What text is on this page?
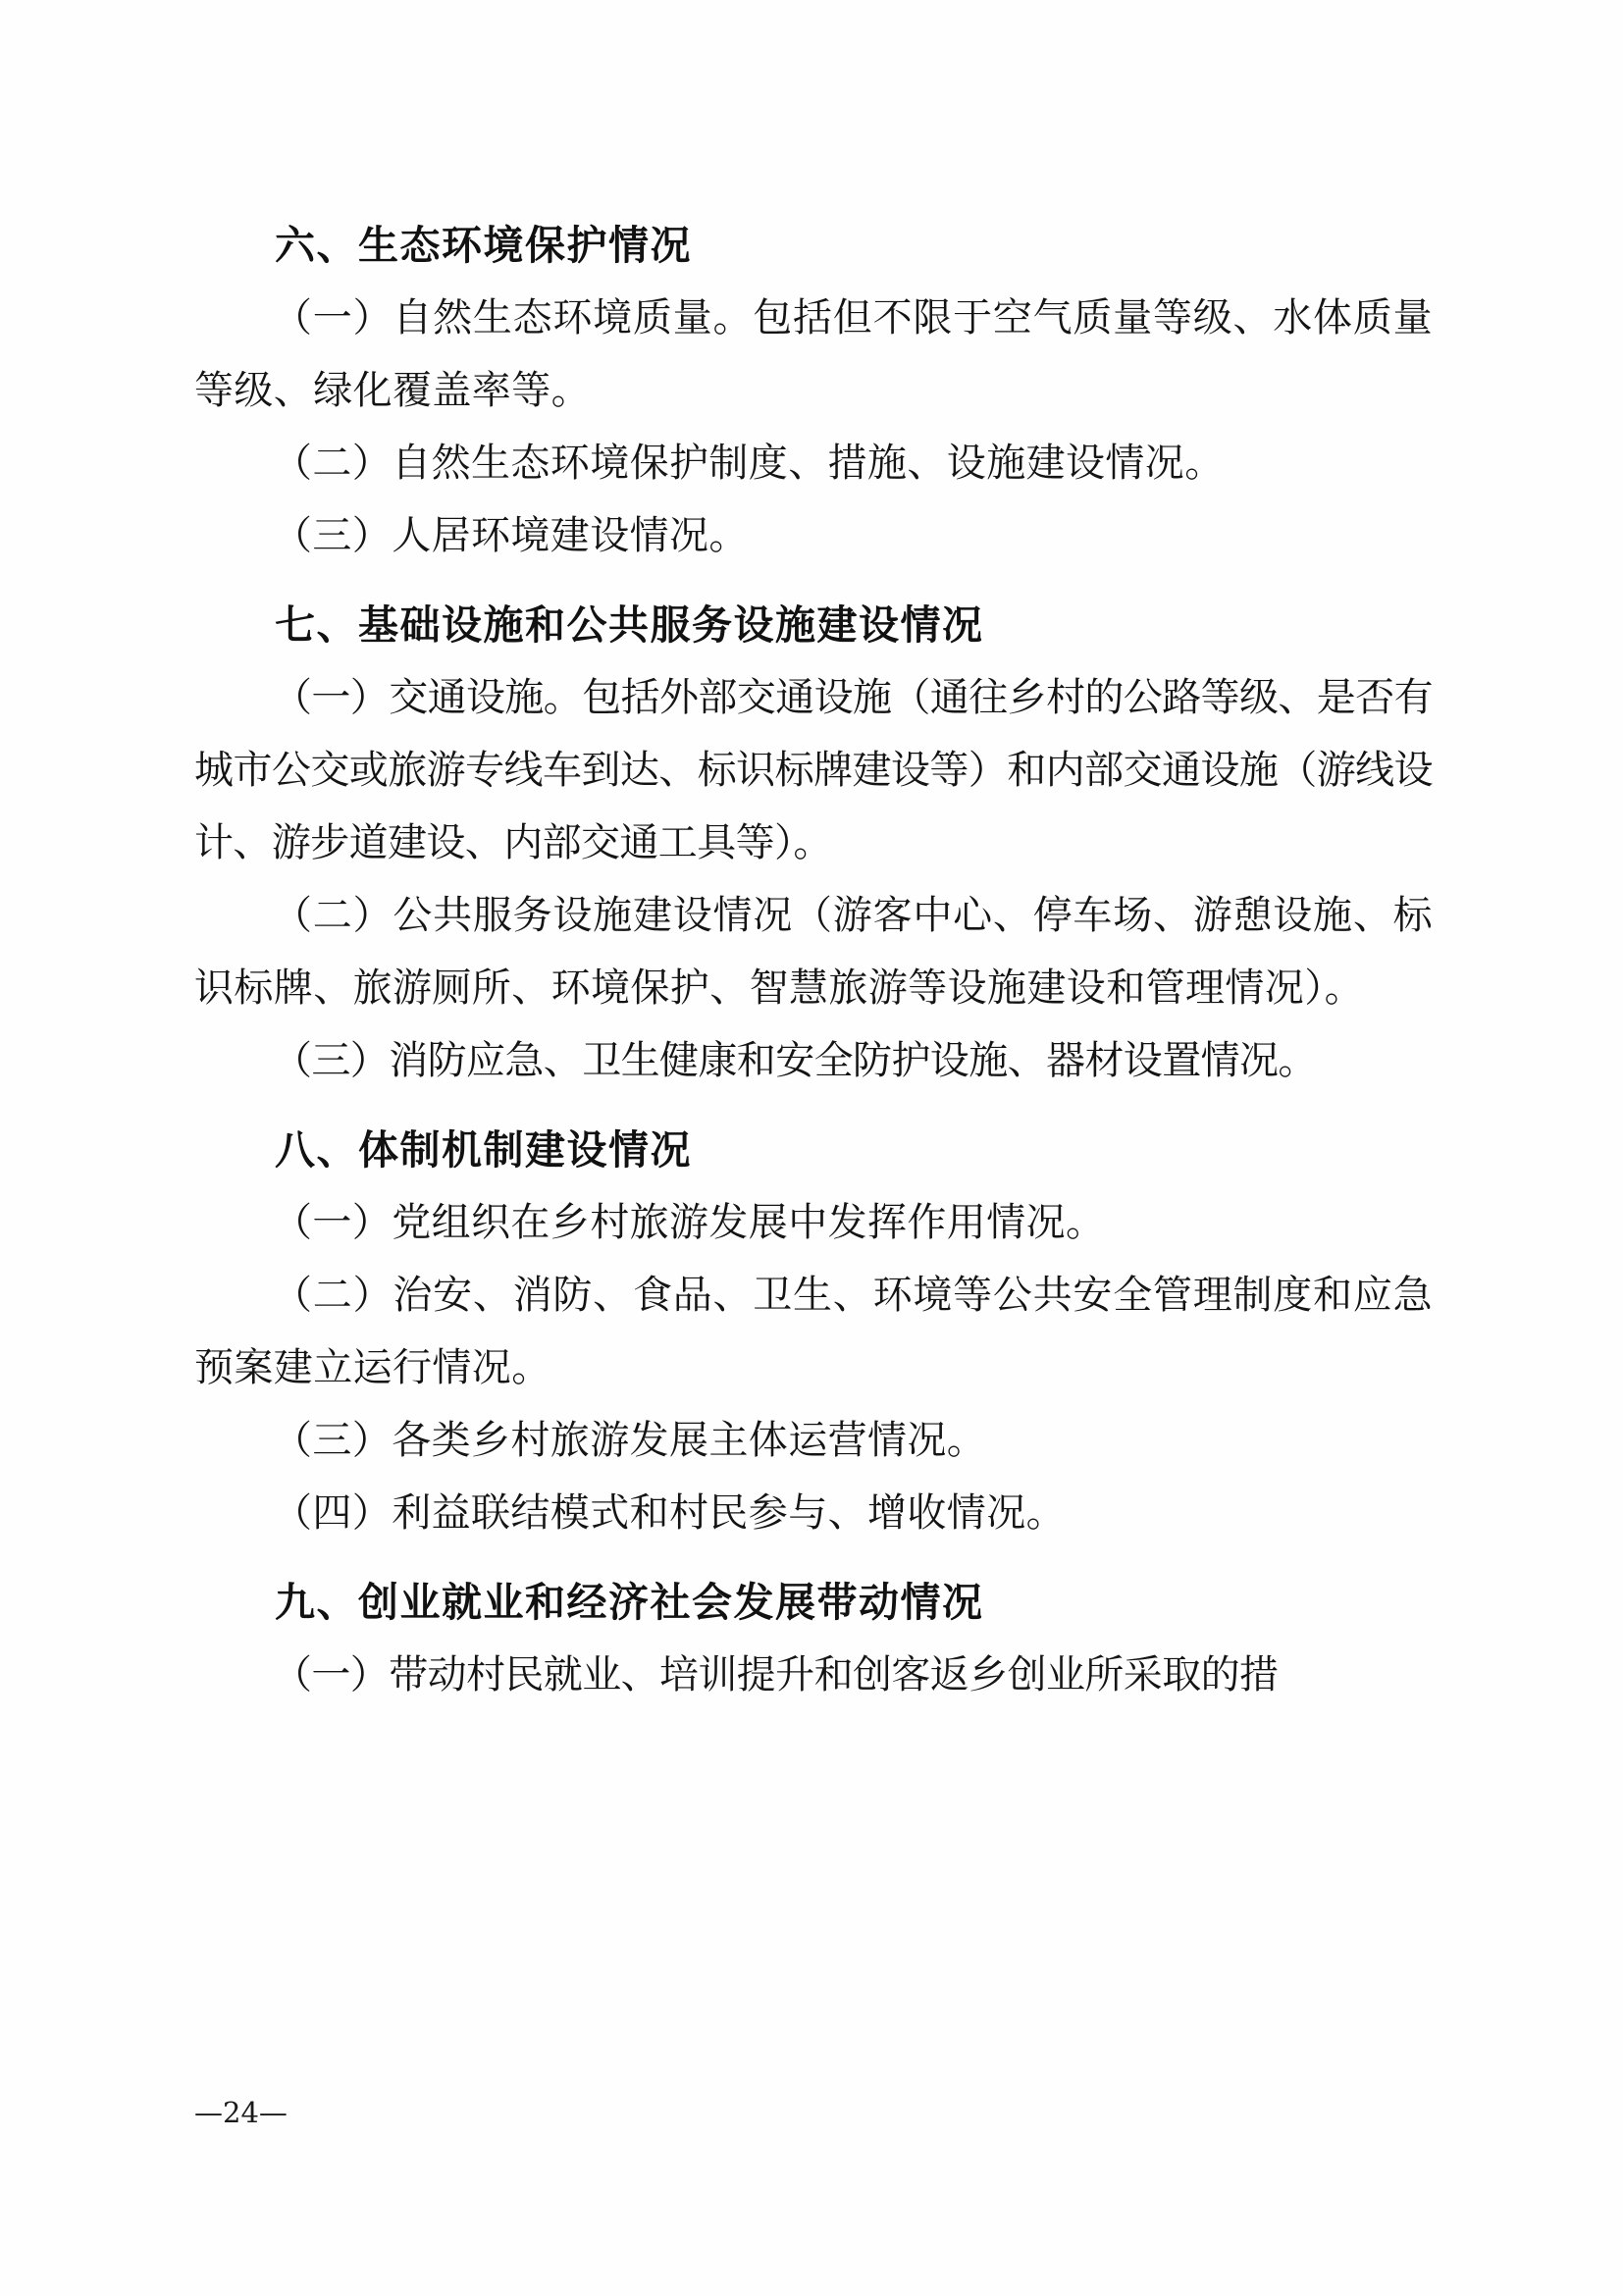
六、生态环境保护情况

（一）自然生态环境质量。包括但不限于空气质量等级、水体质量等级、绿化覆盖率等。

（二）自然生态环境保护制度、措施、设施建设情况。

（三）人居环境建设情况。

七、基础设施和公共服务设施建设情况

（一）交通设施。包括外部交通设施（通往乡村的公路等级、是否有城市公交或旅游专线车到达、标识标牌建设等）和内部交通设施（游线设计、游步道建设、内部交通工具等）。

（二）公共服务设施建设情况（游客中心、停车场、游憩设施、标识标牌、旅游厕所、环境保护、智慧旅游等设施建设和管理情况）。

（三）消防应急、卫生健康和安全防护设施、器材设置情况。

八、体制机制建设情况

（一）党组织在乡村旅游发展中发挥作用情况。

（二）治安、消防、食品、卫生、环境等公共安全管理制度和应急预案建立运行情况。

（三）各类乡村旅游发展主体运营情况。

（四）利益联结模式和村民参与、增收情况。

九、创业就业和经济社会发展带动情况

（一）带动村民就业、培训提升和创客返乡创业所采取的措

—24—
